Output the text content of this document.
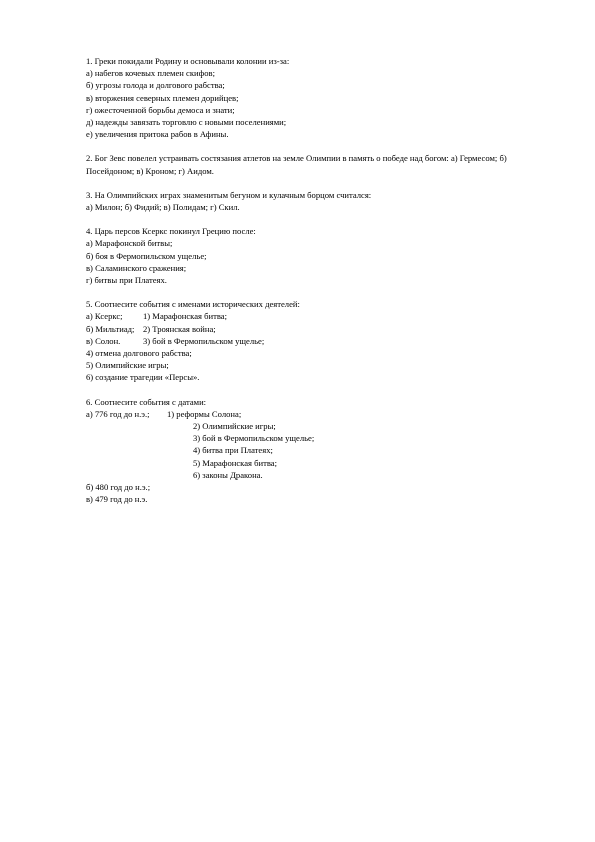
1. Греки покидали Родину и основывали колонии из-за:
а) набегов кочевых племен скифов;
б) угрозы голода и долгового рабства;
в) вторжения северных племен дорийцев;
г) ожесточенной борьбы демоса и знати;
д) надежды завязать торговлю с новыми поселениями;
е) увеличения притока рабов в Афины.
2. Бог Зевс повелел устраивать состязания атлетов на земле Олимпии в память о победе над богом: а) Гермесом; б) Посейдоном; в) Кроном; г) Аидом.
3. На Олимпийских играх знаменитым бегуном и кулачным борцом считался:
а) Милон; б) Фидий; в) Полидам; г) Скил.
4. Царь персов Ксеркс покинул Грецию после:
а) Марафонской битвы;
б) боя в Фермопильском ущелье;
в) Саламинского сражения;
г) битвы при Платеях.
5. Соотнесите события с именами исторических деятелей:
а) Ксеркс; 1) Марафонская битва;
б) Мильтиад; 2) Троянская война;
в) Солон.	3) бой в Фермопильском ущелье;
4) отмена долгового рабства;
5) Олимпийские игры;
6) создание трагедии «Персы».
6. Соотнесите события с датами:
а) 776 год до н.э.; 1) реформы Солона;
2) Олимпийские игры;
3) бой в Фермопильском ущелье;
4) битва при Платеях;
5) Марафонская битва;
6) законы Дракона.
б) 480 год до н.э.;
в) 479 год до н.э.
